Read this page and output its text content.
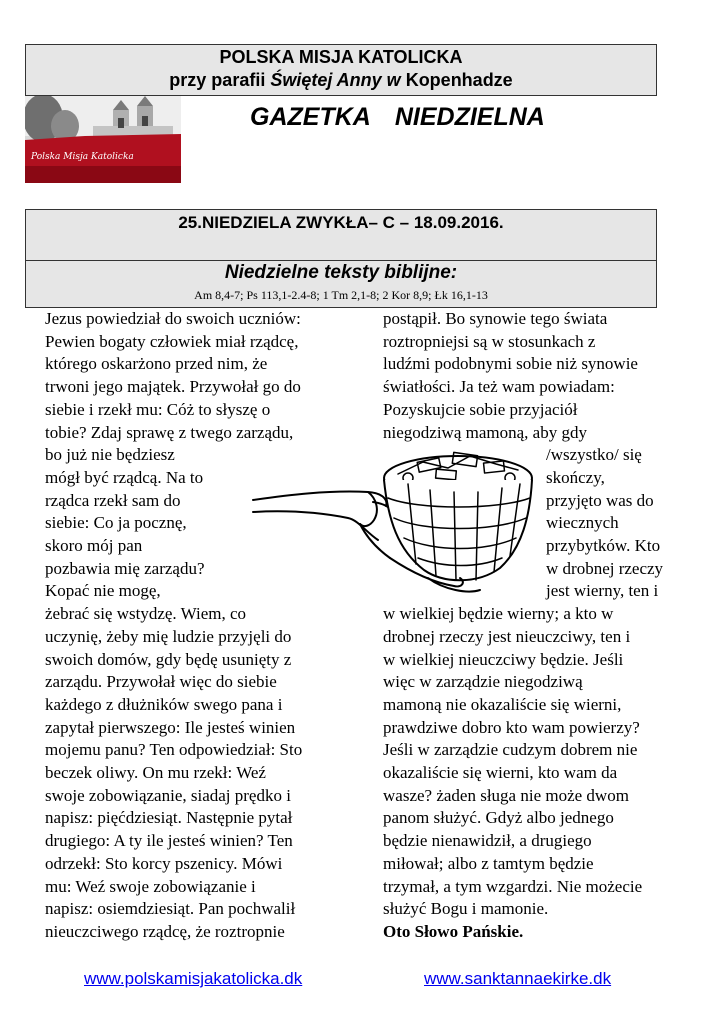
POLSKA MISJA KATOLICKA
przy parafii Świętej Anny w Kopenhadze
Polska Misja Katolicka
GAZETKA NIEDZIELNA
25.NIEDZIELA ZWYKŁA– C – 18.09.2016.
Niedzielne teksty biblijne:
Am 8,4-7; Ps 113,1-2.4-8; 1 Tm 2,1-8; 2 Kor 8,9; Łk 16,1-13
Jezus powiedział do swoich uczniów:
Pewien bogaty człowiek miał rządcę,
którego oskarżono przed nim, że
trwoni jego majątek. Przywołał go do
siebie i rzekł mu: Cóż to słyszę o
tobie? Zdaj sprawę z twego zarządu,
bo już nie będziesz
mógł być rządcą. Na to
rządca rzekł sam do
siebie: Co ja pocznę,
skoro mój pan
pozbawia mię zarządu?
Kopać nie mogę,
żebrać się wstydzę. Wiem, co
uczynię, żeby mię ludzie przyjęli do
swoich domów, gdy będę usunięty z
zarządu. Przywołał więc do siebie
każdego z dłużników swego pana i
zapytał pierwszego: Ile jesteś winien
mojemu panu? Ten odpowiedział: Sto
beczek oliwy. On mu rzekł: Weź
swoje zobowiązanie, siadaj prędko i
napisz: pięćdziesiąt. Następnie pytał
drugiego: A ty ile jesteś winien? Ten
odrzekł: Sto korcy pszenicy. Mówi
mu: Weź swoje zobowiązanie i
napisz: osiemdziesiąt. Pan pochwalił
nieuczciwego rządcę, że roztropnie
postąpił. Bo synowie tego świata
roztropniejsi są w stosunkach z
ludźmi podobnymi sobie niż synowie
światłości. Ja też wam powiadam:
Pozyskujcie sobie przyjaciół
niegodziwą mamoną, aby gdy
/wszystko/ się
skończy,
przyjęto was do
wiecznych
przybytków. Kto
w drobnej rzeczy
jest wierny, ten i
w wielkiej będzie wierny; a kto w
drobnej rzeczy jest nieuczciwy, ten i
w wielkiej nieuczciwy będzie. Jeśli
więc w zarządzie niegodziwą
mamoną nie okazaliście się wierni,
prawdziwe dobro kto wam powierzy?
Jeśli w zarządzie cudzym dobrem nie
okazaliście się wierni, kto wam da
wasze? żaden sługa nie może dwom
panom służyć. Gdyż albo jednego
będzie nienawidził, a drugiego
miłował; albo z tamtym będzie
trzymał, a tym wzgardzi. Nie możecie
służyć Bogu i mamonie.
Oto Słowo Pańskie.
www.polskamisjakatolicka.dk	www.sanktannaekirke.dk
